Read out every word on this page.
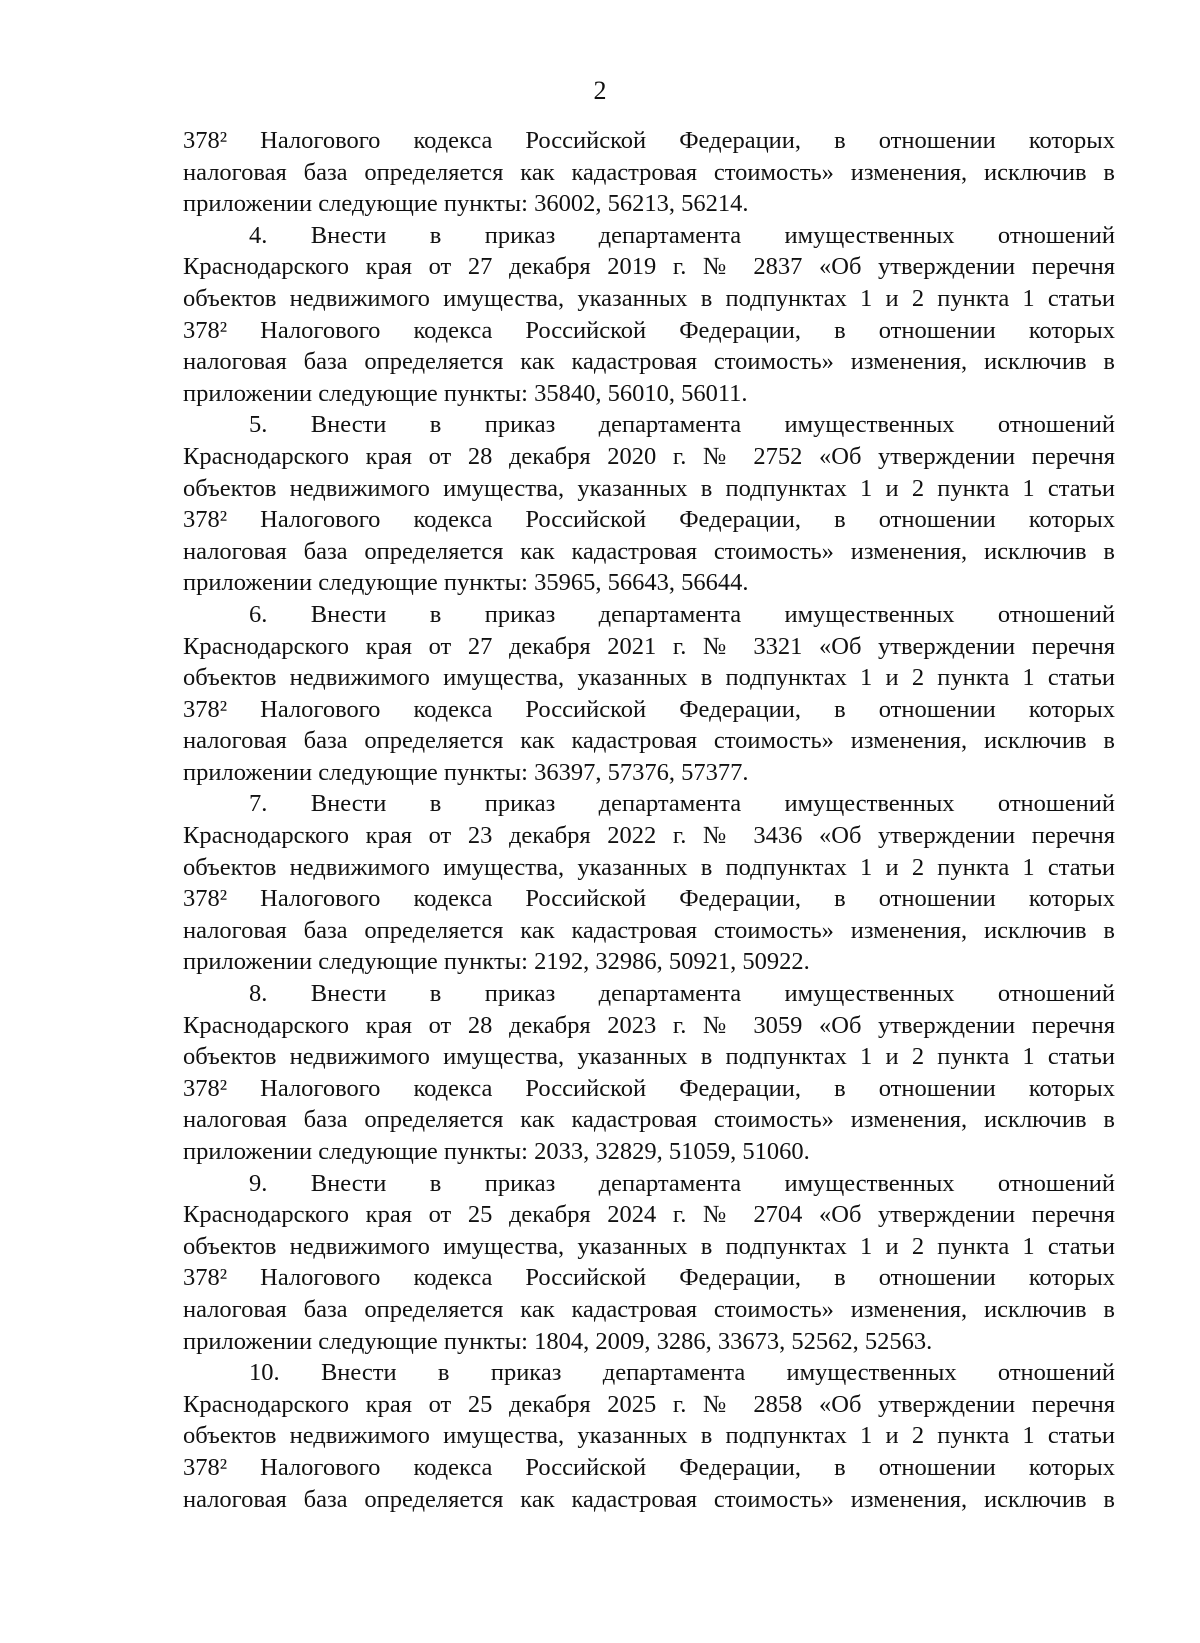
2
378² Налогового кодекса Российской Федерации, в отношении которых
налоговая база определяется как кадастровая стоимость» изменения, исключив в
приложении следующие пункты: 36002, 56213, 56214.
4. Внести в приказ департамента имущественных отношений
Краснодарского края от 27 декабря 2019 г. № 2837 «Об утверждении перечня
объектов недвижимого имущества, указанных в подпунктах 1 и 2 пункта 1 статьи
378² Налогового кодекса Российской Федерации, в отношении которых
налоговая база определяется как кадастровая стоимость» изменения, исключив в
приложении следующие пункты: 35840, 56010, 56011.
5. Внести в приказ департамента имущественных отношений
Краснодарского края от 28 декабря 2020 г. № 2752 «Об утверждении перечня
объектов недвижимого имущества, указанных в подпунктах 1 и 2 пункта 1 статьи
378² Налогового кодекса Российской Федерации, в отношении которых
налоговая база определяется как кадастровая стоимость» изменения, исключив в
приложении следующие пункты: 35965, 56643, 56644.
6. Внести в приказ департамента имущественных отношений
Краснодарского края от 27 декабря 2021 г. № 3321 «Об утверждении перечня
объектов недвижимого имущества, указанных в подпунктах 1 и 2 пункта 1 статьи
378² Налогового кодекса Российской Федерации, в отношении которых
налоговая база определяется как кадастровая стоимость» изменения, исключив в
приложении следующие пункты: 36397, 57376, 57377.
7. Внести в приказ департамента имущественных отношений
Краснодарского края от 23 декабря 2022 г. № 3436 «Об утверждении перечня
объектов недвижимого имущества, указанных в подпунктах 1 и 2 пункта 1 статьи
378² Налогового кодекса Российской Федерации, в отношении которых
налоговая база определяется как кадастровая стоимость» изменения, исключив в
приложении следующие пункты: 2192, 32986, 50921, 50922.
8. Внести в приказ департамента имущественных отношений
Краснодарского края от 28 декабря 2023 г. № 3059 «Об утверждении перечня
объектов недвижимого имущества, указанных в подпунктах 1 и 2 пункта 1 статьи
378² Налогового кодекса Российской Федерации, в отношении которых
налоговая база определяется как кадастровая стоимость» изменения, исключив в
приложении следующие пункты: 2033, 32829, 51059, 51060.
9. Внести в приказ департамента имущественных отношений
Краснодарского края от 25 декабря 2024 г. № 2704 «Об утверждении перечня
объектов недвижимого имущества, указанных в подпунктах 1 и 2 пункта 1 статьи
378² Налогового кодекса Российской Федерации, в отношении которых
налоговая база определяется как кадастровая стоимость» изменения, исключив в
приложении следующие пункты: 1804, 2009, 3286, 33673, 52562, 52563.
10. Внести в приказ департамента имущественных отношений
Краснодарского края от 25 декабря 2025 г. № 2858 «Об утверждении перечня
объектов недвижимого имущества, указанных в подпунктах 1 и 2 пункта 1 статьи
378² Налогового кодекса Российской Федерации, в отношении которых
налоговая база определяется как кадастровая стоимость» изменения, исключив в
